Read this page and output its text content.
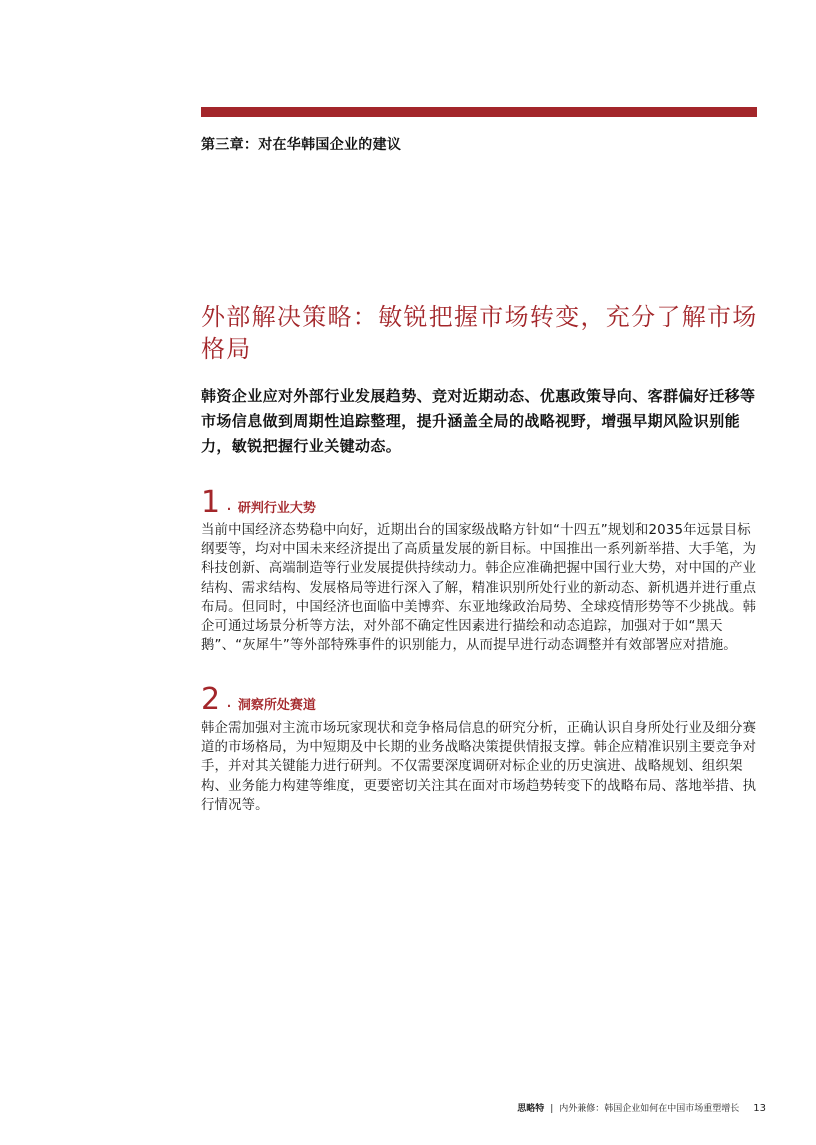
第三章：对在华韩国企业的建议
外部解决策略：敏锐把握市场转变，充分了解市场格局

韩资企业应对外部行业发展趋势、竞对近期动态、优惠政策导向、客群偏好迁移等市场信息做到周期性追踪整理，提升涵盖全局的战略视野，增强早期风险识别能力，敏锐把握行业关键动态。

1 . 研判行业大势

当前中国经济态势稳中向好，近期出台的国家级战略方针如“十四五”规划和2035年远景目标纲要等，均对中国未来经济提出了高质量发展的新目标。中国推出一系列新举措、大手笔，为科技创新、高端制造等行业发展提供持续动力。韩企应准确把握中国行业大势，对中国的产业结构、需求结构、发展格局等进行深入了解，精准识别所处行业的新动态、新机遇并进行重点布局。但同时，中国经济也面临中美博弈、东亚地缘政治局势、全球疫情形势等不少挑战。韩企可通过场景分析等方法，对外部不确定性因素进行描绘和动态追踪，加强对于如“黑天鹅”、“灰犀牛”等外部特殊事件的识别能力，从而提早进行动态调整并有效部署应对措施。

2 . 洞察所处赛道

韩企需加强对主流市场玩家现状和竞争格局信息的研究分析，正确认识自身所处行业及细分赛道的市场格局，为中短期及中长期的业务战略决策提供情报支撑。韩企应精准识别主要竞争对手，并对其关键能力进行研判。不仅需要深度调研对标企业的历史演进、战略规划、组织架构、业务能力构建等维度，更要密切关注其在面对市场趋势转变下的战略布局、落地举措、执行情况等。

思略特 | 内外兼修：韩国企业如何在中国市场重塑增长 13
